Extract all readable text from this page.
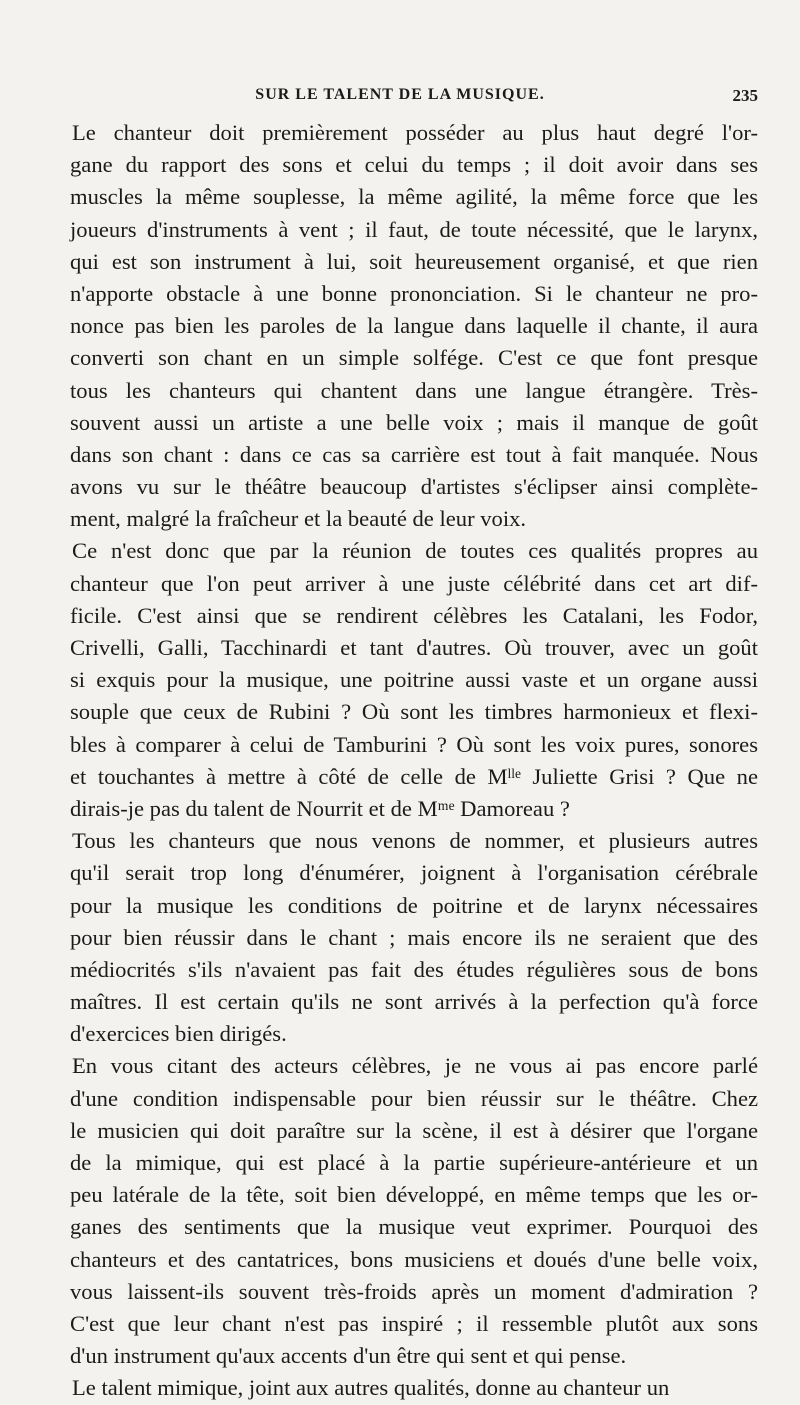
SUR LE TALENT DE LA MUSIQUE.	235
Le chanteur doit premièrement posséder au plus haut degré l'or-
gane du rapport des sons et celui du temps ; il doit avoir dans ses
muscles la même souplesse, la même agilité, la même force que les
joueurs d'instruments à vent ; il faut, de toute nécessité, que le larynx,
qui est son instrument à lui, soit heureusement organisé, et que rien
n'apporte obstacle à une bonne prononciation. Si le chanteur ne pro-
nonce pas bien les paroles de la langue dans laquelle il chante, il aura
converti son chant en un simple solfége. C'est ce que font presque
tous les chanteurs qui chantent dans une langue étrangère. Très-
souvent aussi un artiste a une belle voix ; mais il manque de goût
dans son chant : dans ce cas sa carrière est tout à fait manquée. Nous
avons vu sur le théâtre beaucoup d'artistes s'éclipser ainsi complète-
ment, malgré la fraîcheur et la beauté de leur voix.
Ce n'est donc que par la réunion de toutes ces qualités propres au
chanteur que l'on peut arriver à une juste célébrité dans cet art dif-
ficile. C'est ainsi que se rendirent célèbres les Catalani, les Fodor,
Crivelli, Galli, Tacchinardi et tant d'autres. Où trouver, avec un goût
si exquis pour la musique, une poitrine aussi vaste et un organe aussi
souple que ceux de Rubini ? Où sont les timbres harmonieux et flexi-
bles à comparer à celui de Tamburini ? Où sont les voix pures, sonores
et touchantes à mettre à côté de celle de Mˡˡᵉ Juliette Grisi ? Que ne
dirais-je pas du talent de Nourrit et de Mᵐᵉ Damoreau ?
Tous les chanteurs que nous venons de nommer, et plusieurs autres
qu'il serait trop long d'énumérer, joignent à l'organisation cérébrale
pour la musique les conditions de poitrine et de larynx nécessaires
pour bien réussir dans le chant ; mais encore ils ne seraient que des
médiocrités s'ils n'avaient pas fait des études régulières sous de bons
maîtres. Il est certain qu'ils ne sont arrivés à la perfection qu'à force
d'exercices bien dirigés.
En vous citant des acteurs célèbres, je ne vous ai pas encore parlé
d'une condition indispensable pour bien réussir sur le théâtre. Chez
le musicien qui doit paraître sur la scène, il est à désirer que l'organe
de la mimique, qui est placé à la partie supérieure-antérieure et un
peu latérale de la tête, soit bien développé, en même temps que les or-
ganes des sentiments que la musique veut exprimer. Pourquoi des
chanteurs et des cantatrices, bons musiciens et doués d'une belle voix,
vous laissent-ils souvent très-froids après un moment d'admiration ?
C'est que leur chant n'est pas inspiré ; il ressemble plutôt aux sons
d'un instrument qu'aux accents d'un être qui sent et qui pense.
Le talent mimique, joint aux autres qualités, donne au chanteur un
